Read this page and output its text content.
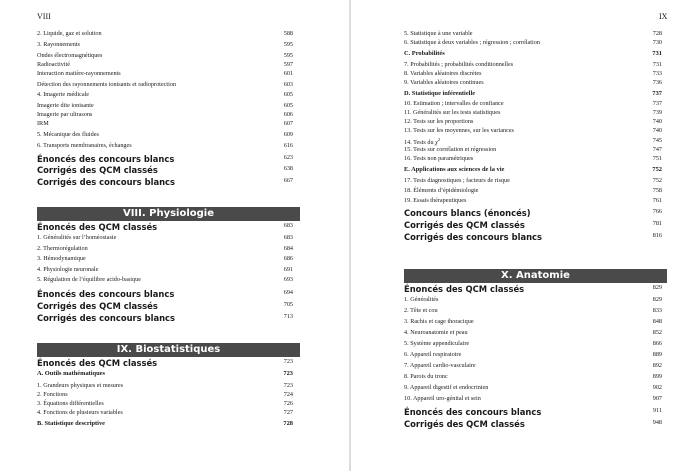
VIII
2. Liquide, gaz et solution	588
3. Rayonnements	595
Ondes électromagnétiques	595
Radioactivité	597
Interaction matière-rayonnements	601
Détection des rayonnements ionisants et radioprotection	603
4. Imagerie médicale	605
Imagerie dite ionisante	605
Imagerie par ultrasons	606
IRM	607
5. Mécanique des fluides	609
6. Transports membranaires, échanges	616
Énoncés des concours blancs	623
Corrigés des QCM classés	638
Corrigés des concours blancs	667
Énoncés des QCM classés	683
1. Généralités sur l’homéostasie	683
2. Thermorégulation	684
3. Hémodynamique	686
4. Physiologie neuronale	691
5. Régulation de l’équilibre acido-basique	693
Énoncés des concours blancs	694
Corrigés des QCM classés	705
Corrigés des concours blancs	713
Énoncés des QCM classés	723
A. Outils mathématiques	723
1. Grandeurs physiques et mesures	723
2. Fonctions	724
3. Équations différentielles	726
4. Fonctions de plusieurs variables	727
B. Statistique descriptive	728
VIII. Physiologie
IX. Biostatistiques
IX
5. Statistique à une variable	728
6. Statistique à deux variables ; régression ; corrélation	730
C. Probabilités	731
7. Probabilités ; probabilités conditionnelles	731
8. Variables aléatoires discrètes	733
9. Variables aléatoires continues	736
D. Statistique inférentielle	737
10. Estimation ; intervalles de confiance	737
11. Généralités sur les tests statistiques	739
12. Tests sur les proportions	740
13. Tests sur les moyennes, sur les variances	740
14. Tests du $\chi^2$	745
15. Tests sur corrélation et régression	747
16. Tests non paramétriques	751
E. Applications aux sciences de la vie	752
17. Tests diagnostiques ; facteurs de risque	752
18. Éléments d’épidémiologie	758
19. Essais thérapeutiques	761
Concours blancs (énoncés)	766
Corrigés des QCM classés	781
Corrigés des concours blancs	816
Énoncés des QCM classés	829
1. Généralités	829
2. Tête et cou	833
3. Rachis et cage thoracique	848
4. Neuroanatomie et peau	852
5. Système appendiculaire	866
6. Appareil respiratoire	889
7. Appareil cardio-vasculaire	892
8. Parois du tronc	899
9. Appareil digestif et endocrinien	902
10. Appareil uro-génital et sein	907
Énoncés des concours blancs	911
Corrigés des QCM classés	948
X. Anatomie
